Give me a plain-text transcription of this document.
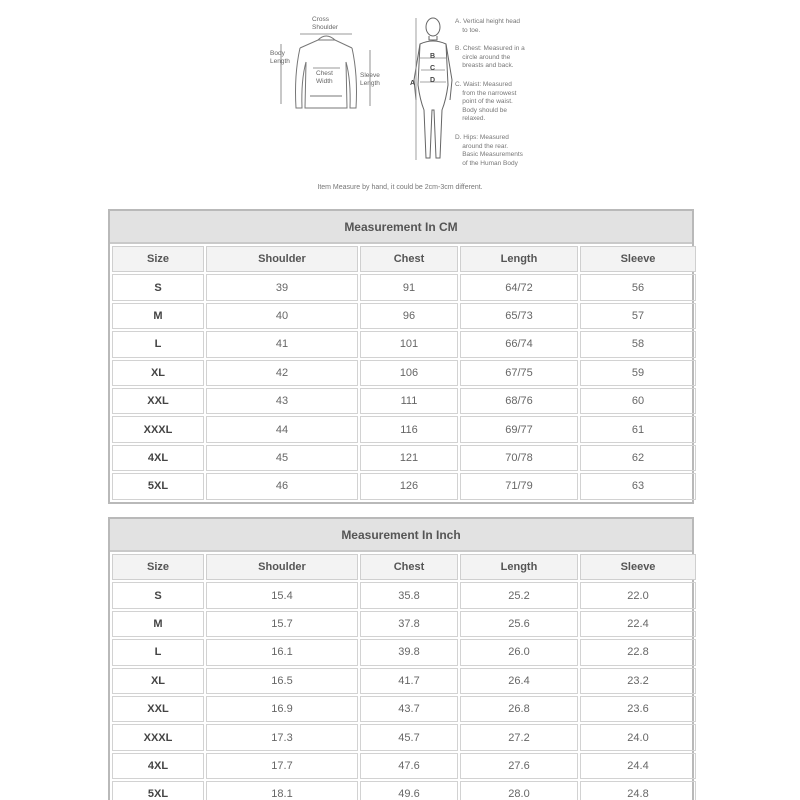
Cross
Shoulder
Body
Length
Chest
Width
Sleeve
Length
B
C
D
A
A. Vertical height head
to toe.
B. Chest: Measured in a
circle around the
breasts and back.
C. Waist: Measured
from the narrowest
point of the waist.
Body should be
relaxed.
D. Hips: Measured
around the rear.
Basic Measurements
of the Human Body
Item Measure by hand, it could be 2cm-3cm different.
Measurement In CM
Size	Shoulder	Chest	Length	Sleeve
S	39	91	64/72	56
M	40	96	65/73	57
L	41	101	66/74	58
XL	42	106	67/75	59
XXL	43	111	68/76	60
XXXL	44	116	69/77	61
4XL	45	121	70/78	62
5XL	46	126	71/79	63
Measurement In Inch
Size	Shoulder	Chest	Length	Sleeve
S	15.4	35.8	25.2	22.0
M	15.7	37.8	25.6	22.4
L	16.1	39.8	26.0	22.8
XL	16.5	41.7	26.4	23.2
XXL	16.9	43.7	26.8	23.6
XXXL	17.3	45.7	27.2	24.0
4XL	17.7	47.6	27.6	24.4
5XL	18.1	49.6	28.0	24.8
